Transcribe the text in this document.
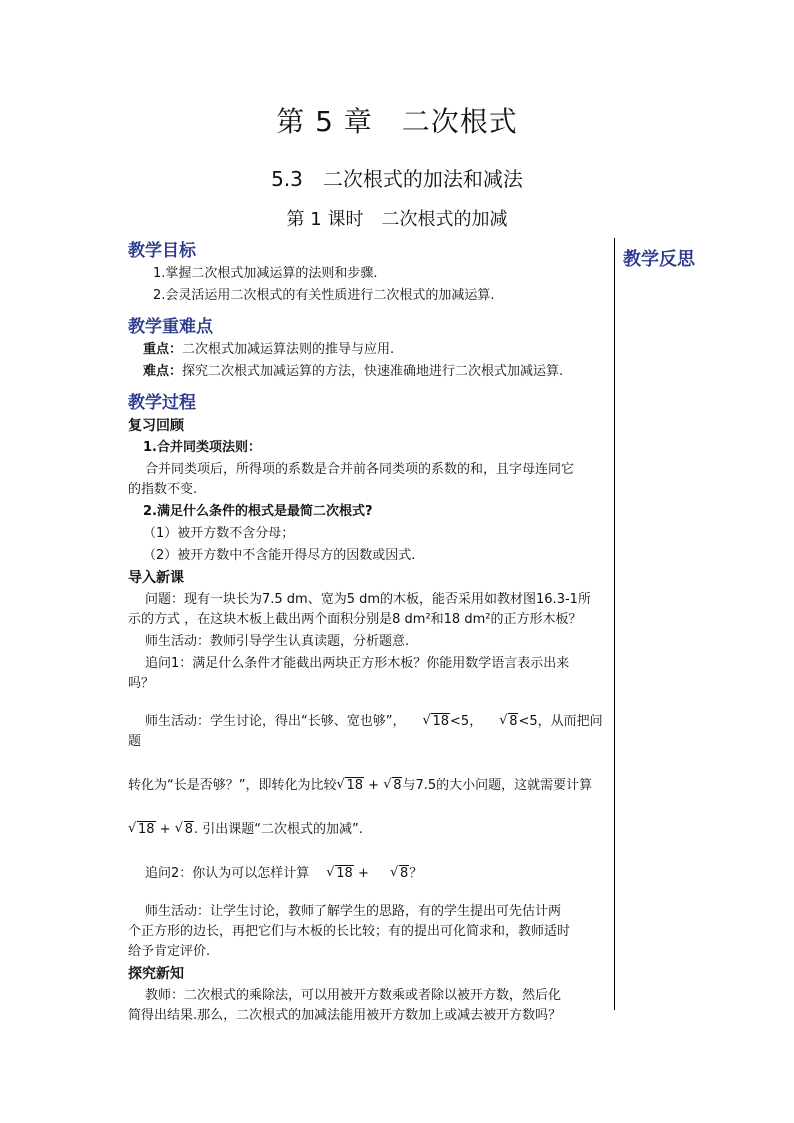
第 5 章　二次根式
5.3　二次根式的加法和减法
第 1 课时　二次根式的加减
教学反思
教学目标
1.掌握二次根式加减运算的法则和步骤.
2.会灵活运用二次根式的有关性质进行二次根式的加减运算.
教学重难点
重点：二次根式加减运算法则的推导与应用.
难点：探究二次根式加减运算的方法，快速准确地进行二次根式加减运算.
教学过程
复习回顾
1.合并同类项法则：
合并同类项后，所得项的系数是合并前各同类项的系数的和，且字母连同它
的指数不变.
2.满足什么条件的根式是最简二次根式?
（1）被开方数不含分母；
（2）被开方数中不含能开得尽方的因数或因式.
导入新课
问题：现有一块长为7.5 dm、宽为5 dm的木板，能否采用如教材图16.3-1所
示的方式 ，在这块木板上截出两个面积分别是8 dm²和18 dm²的正方形木板？
师生活动：教师引导学生认真读题，分析题意.
追问1：满足什么条件才能截出两块正方形木板？你能用数学语言表示出来
吗？
师生活动：学生讨论，得出“长够、宽也够”， √ 18<5， √ 8<5，从而把问题
转化为“长是否够？”，即转化为比较 √ 18 + √ 8与7.5的大小问题，这就需要计算
√ 18 + √ 8. 引出课题“二次根式的加减”.
追问2：你认为可以怎样计算 √ 18 + √ 8？
师生活动：让学生讨论，教师了解学生的思路，有的学生提出可先估计两
个正方形的边长，再把它们与木板的长比较；有的提出可化简求和，教师适时
给予肯定评价.
探究新知
教师：二次根式的乘除法，可以用被开方数乘或者除以被开方数，然后化
简得出结果.那么，二次根式的加减法能用被开方数加上或减去被开方数吗？
